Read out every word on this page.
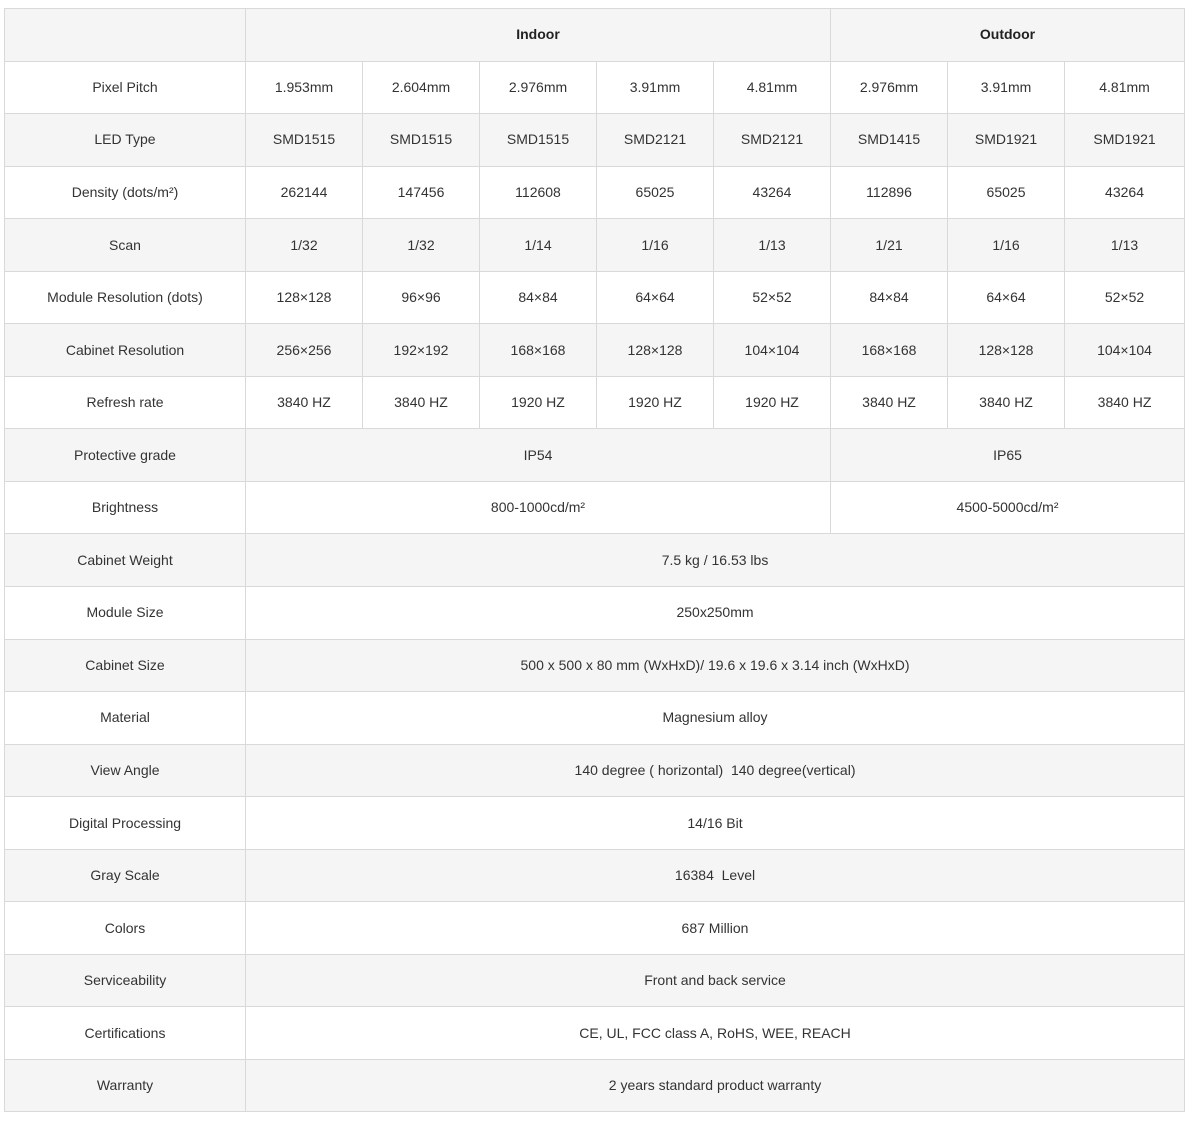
	Indoor					Outdoor		
Pixel Pitch	1.953mm	2.604mm	2.976mm	3.91mm	4.81mm	2.976mm	3.91mm	4.81mm
LED Type	SMD1515	SMD1515	SMD1515	SMD2121	SMD2121	SMD1415	SMD1921	SMD1921
Density (dots/m²)	262144	147456	112608	65025	43264	112896	65025	43264
Scan	1/32	1/32	1/14	1/16	1/13	1/21	1/16	1/13
Module Resolution (dots)	128×128	96×96	84×84	64×64	52×52	84×84	64×64	52×52
Cabinet Resolution	256×256	192×192	168×168	128×128	104×104	168×168	128×128	104×104
Refresh rate	3840 HZ	3840 HZ	1920 HZ	1920 HZ	1920 HZ	3840 HZ	3840 HZ	3840 HZ
Protective grade	IP54					IP65		
Brightness	800-1000cd/m²					4500-5000cd/m²		
Cabinet Weight	7.5 kg / 16.53 lbs							
Module Size	250x250mm							
Cabinet Size	500 x 500 x 80 mm (WxHxD)/ 19.6 x 19.6 x 3.14 inch (WxHxD)							
Material	Magnesium alloy							
View Angle	140 degree ( horizontal)  140 degree(vertical)							
Digital Processing	14/16 Bit							
Gray Scale	16384  Level							
Colors	687 Million							
Serviceability	Front and back service							
Certifications	CE, UL, FCC class A, RoHS, WEE, REACH							
Warranty	2 years standard product warranty							
